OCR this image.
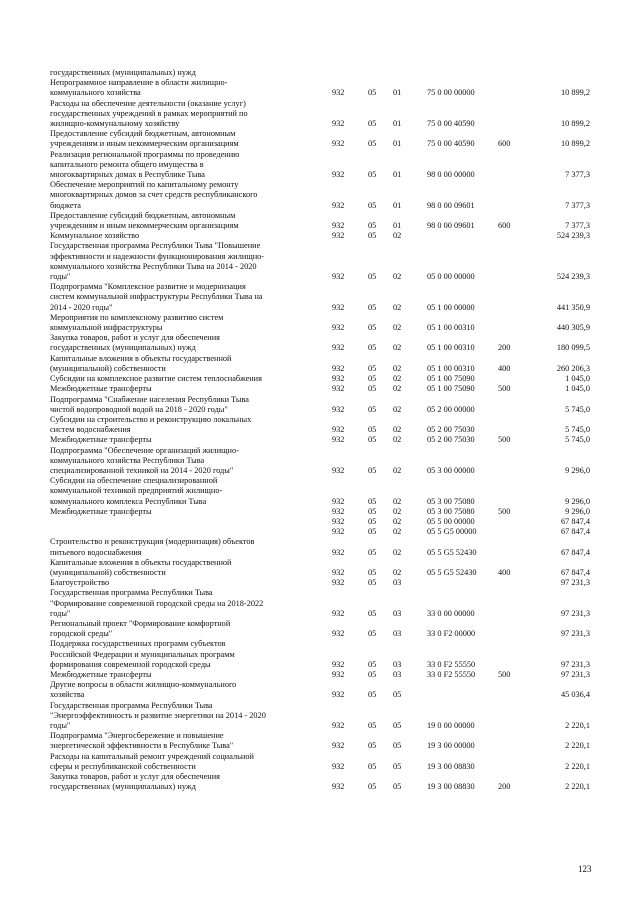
государственных (муниципальных) нужд
Непрограммное направление в области жилищно-
коммунального хозяйства	932	05 01	75 0 00 00000	10 899,2
Расходы на обеспечение деятельности (оказание услуг)
государственных учреждений в рамках мероприятий по
жилищно-коммунальному хозяйству	932	05 01	75 0 00 40590	10 899,2
Предоставление субсидий бюджетным, автономным
учреждениям и иным некоммерческим организациям	932	05 01	75 0 00 40590	600	10 899,2
Реализация региональной программы по проведению
капитального ремонта общего имущества в
многоквартирных домах в Республике Тыва	932	05 01	98 0 00 00000	7 377,3
Обеспечение мероприятий по капитальному ремонту
многоквартирных домов за счет средств республиканского
бюджета	932	05 01	98 0 00 09601	7 377,3
Предоставление субсидий бюджетным, автономным
учреждениям и иным некоммерческим организациям	932	05 01	98 0 00 09601	600	7 377,3
Коммунальное хозяйство	932	05 02	524 239,3
Государственная программа Республики Тыва "Повышение
эффективности и надежности функционирования жилищно-
коммунального хозяйства Республики Тыва на 2014 - 2020
годы"	932	05 02	05 0 00 00000	524 239,3
Подпрограмма "Комплексное развитие и модернизация
систем коммунальной инфраструктуры Республики Тыва на
2014 - 2020 годы"	932	05 02	05 1 00 00000	441 350,9
Мероприятия по комплексному развитию систем
коммунальной инфраструктуры	932	05 02	05 1 00 00310	440 305,9
Закупка товаров, работ и услуг для обеспечения
государственных (муниципальных) нужд	932	05 02	05 1 00 00310	200	180 099,5
Капитальные вложения в объекты государственной
(муниципальной) собственности	932	05 02	05 1 00 00310	400	260 206,3
Субсидии на комплексное развитие систем теплоснабжения	932	05 02	05 1 00 75090	1 045,0
Межбюджетные трансферты	932	05 02	05 1 00 75090	500	1 045,0
Подпрограмма "Снабжение населения Республики Тыва
чистой водопроводной водой на 2018 - 2020 годы"	932	05 02	05 2 00 00000	5 745,0
Субсидии на строительство и реконструкцию локальных
систем водоснабжения	932	05 02	05 2 00 75030	5 745,0
Межбюджетные трансферты	932	05 02	05 2 00 75030	500	5 745,0
Подпрограмма "Обеспечение организаций жилищно-
коммунального хозяйства Республики Тыва
специализированной техникой на 2014 - 2020 годы"	932	05 02	05 3 00 00000	9 296,0
Субсидии на обеспечение специализированной
коммунальной техникой предприятий жилищно-
коммунального комплекса Республики Тыва	932	05 02	05 3 00 75080	9 296,0
Межбюджетные трансферты	932	05 02	05 3 00 75080	500	9 296,0
932	05 02	05 5 00 00000	67 847,4
932	05 02	05 5 G5 00000	67 847,4
Строительство и реконструкция (модернизация) объектов
питьевого водоснабжения	932	05 02	05 5 G5 52430	67 847,4
Капитальные вложения в объекты государственной
(муниципальной) собственности	932	05 02	05 5 G5 52430	400	67 847,4
Благоустройство	932	05 03	97 231,3
Государственная программа Республики Тыва
"Формирование современной городской среды на 2018-2022
годы"	932	05 03	33 0 00 00000	97 231,3
Региональный проект "Формирование комфортной
городской среды"	932	05 03	33 0 F2 00000	97 231,3
Поддержка государственных программ субъектов
Российской Федерации и муниципальных программ
формирования современной городской среды	932	05 03	33 0 F2 55550	97 231,3
Межбюджетные трансферты	932	05 03	33 0 F2 55550	500	97 231,3
Другие вопросы в области жилищно-коммунального
хозяйства	932	05 05	45 036,4
Государственная программа Республики Тыва
"Энергоэффективность и развитие энергетики на 2014 - 2020
годы"	932	05 05	19 0 00 00000	2 220,1
Подпрограмма "Энергосбережение и повышение
энергетической эффективности в Республике Тыва"	932	05 05	19 3 00 00000	2 220,1
Расходы на капитальный ремонт учреждений социальной
сферы и республиканской собственности	932	05 05	19 3 00 08830	2 220,1
Закупка товаров, работ и услуг для обеспечения
государственных (муниципальных) нужд	932	05 05	19 3 00 08830	200	2 220,1
123
